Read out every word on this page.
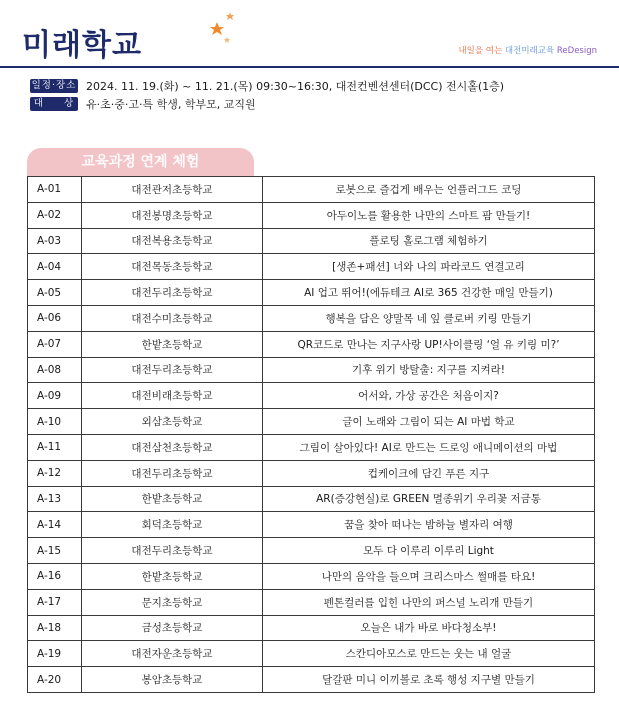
미래학교	내일을 여는 대전미래교육 ReDesign
일정·장소 2024. 11. 19.(화) ~ 11. 21.(목) 09:30~16:30, 대전컨벤션센터(DCC) 전시홀(1층)
대     상	유·초·중·고·특 학생, 학부모, 교직원
교육과정 연계 체험
A-01	대전관저초등학교	로봇으로 즐겁게 배우는 언플러그드 코딩
A-02	대전봉명초등학교	아두이노를 활용한 나만의 스마트 팜 만들기!
A-03	대전복용초등학교	플로팅 홀로그램 체험하기
A-04	대전목동초등학교	[생존+패션] 너와 나의 파라코드 연결고리
A-05	대전두리초등학교	AI 업고 뛰어!(에듀테크 AI로 365 건강한 매일 만들기)
A-06	대전수미초등학교	행복을 담은 양말목 네 잎 클로버 키링 만들기
A-07	한밭초등학교	QR코드로 만나는 지구사랑 UP!사이클링 ‘얼 유 키링 미?’
A-08	대전두리초등학교	기후 위기 방탈출: 지구를 지켜라!
A-09	대전비래초등학교	어서와, 가상 공간은 처음이지?
A-10	외삼초등학교	글이 노래와 그림이 되는 AI 마법 학교
A-11	대전삼천초등학교	그림이 살아있다! AI로 만드는 드로잉 애니메이션의 마법
A-12	대전두리초등학교	컵케이크에 담긴 푸른 지구
A-13	한밭초등학교	AR(증강현실)로 GREEN 멸종위기 우리꽃 저금통
A-14	회덕초등학교	꿈을 찾아 떠나는 밤하늘 별자리 여행
A-15	대전두리초등학교	모두 다 이루리 이루리 Light
A-16	한밭초등학교	나만의 음악을 들으며 크리스마스 썰매를 타요!
A-17	문지초등학교	펜톤컬러를 입힌 나만의 퍼스널 노리개 만들기
A-18	금성초등학교	오늘은 내가 바로 바다청소부!
A-19	대전자운초등학교	스칸디아모스로 만드는 웃는 내 얼굴
A-20	봉암초등학교	달갈판 미니 이끼볼로 초록 행성 지구별 만들기
